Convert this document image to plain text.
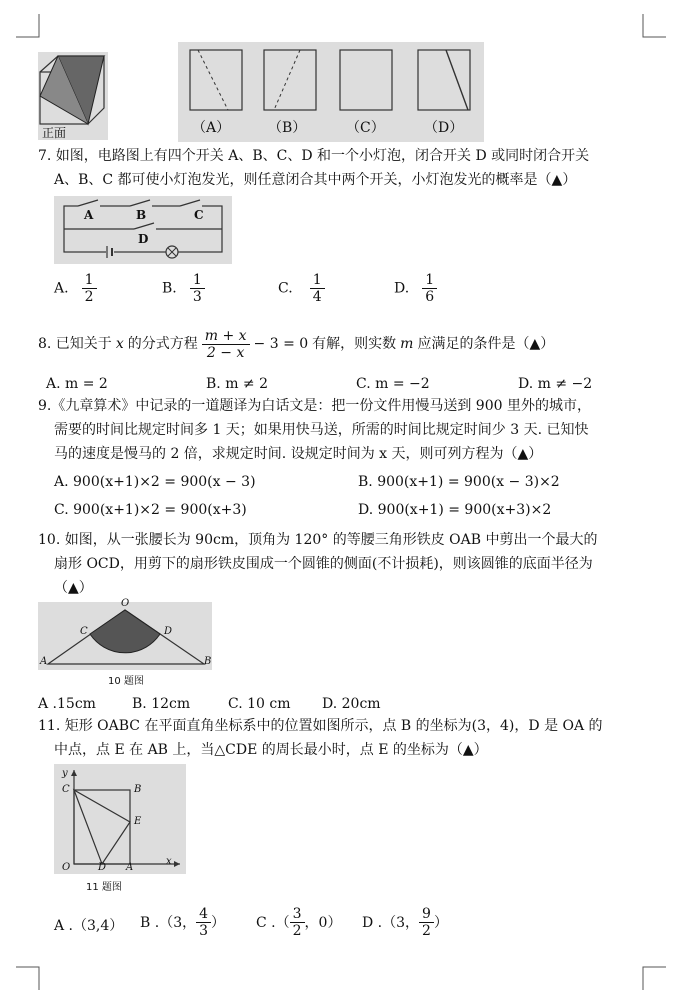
正面	（A）	（B）	（C）	（D）
7. 如图，电路图上有四个开关 A、B、C、D 和一个小灯泡，闭合开关 D 或同时闭合开关
A、B、C 都可使小灯泡发光，则任意闭合其中两个开关，小灯泡发光的概率是（▲）
A	B	C
D
A. $\frac{1}{2}$	B. $\frac{1}{3}$	C. $\frac{1}{4}$	D. $\frac{1}{6}$
8. 已知关于 x 的分式方程 $\frac{m + x}{2 - x} - 3 = 0$ 有解，则实数 m 应满足的条件是（▲）
A. m = 2	B. m ≠ 2	C. m = −2	D. m ≠ −2
9.《九章算术》中记录的一道题译为白话文是：把一份文件用慢马送到 900 里外的城市，
需要的时间比规定时间多 1 天；如果用快马送，所需的时间比规定时间少 3 天. 已知快
马的速度是慢马的 2 倍，求规定时间. 设规定时间为 x 天，则可列方程为（▲）
A. 900(x+1)×2 = 900(x − 3)	B. 900(x+1) = 900(x − 3)×2
C. 900(x+1)×2 = 900(x+3)	D. 900(x+1) = 900(x+3)×2
10. 如图，从一张腰长为 90cm，顶角为 120° 的等腰三角形铁皮 OAB 中剪出一个最大的
扇形 OCD，用剪下的扇形铁皮围成一个圆锥的侧面(不计损耗)，则该圆锥的底面半径为
（▲）
O
C	D
A	B
10 题图
A .15cm	B. 12cm	C. 10 cm D. 20cm
11. 矩形 OABC 在平面直角坐标系中的位置如图所示，点 B 的坐标为(3，4)，D 是 OA 的
中点，点 E 在 AB 上，当△CDE 的周长最小时，点 E 的坐标为（▲）
y
x
C	B
E
O	D A
11 题图
A .（3,4） B .（3， $\frac{4}{3}$ ） C .（ $\frac{3}{2}$ ，0） D .（3， $\frac{9}{2}$ ）
